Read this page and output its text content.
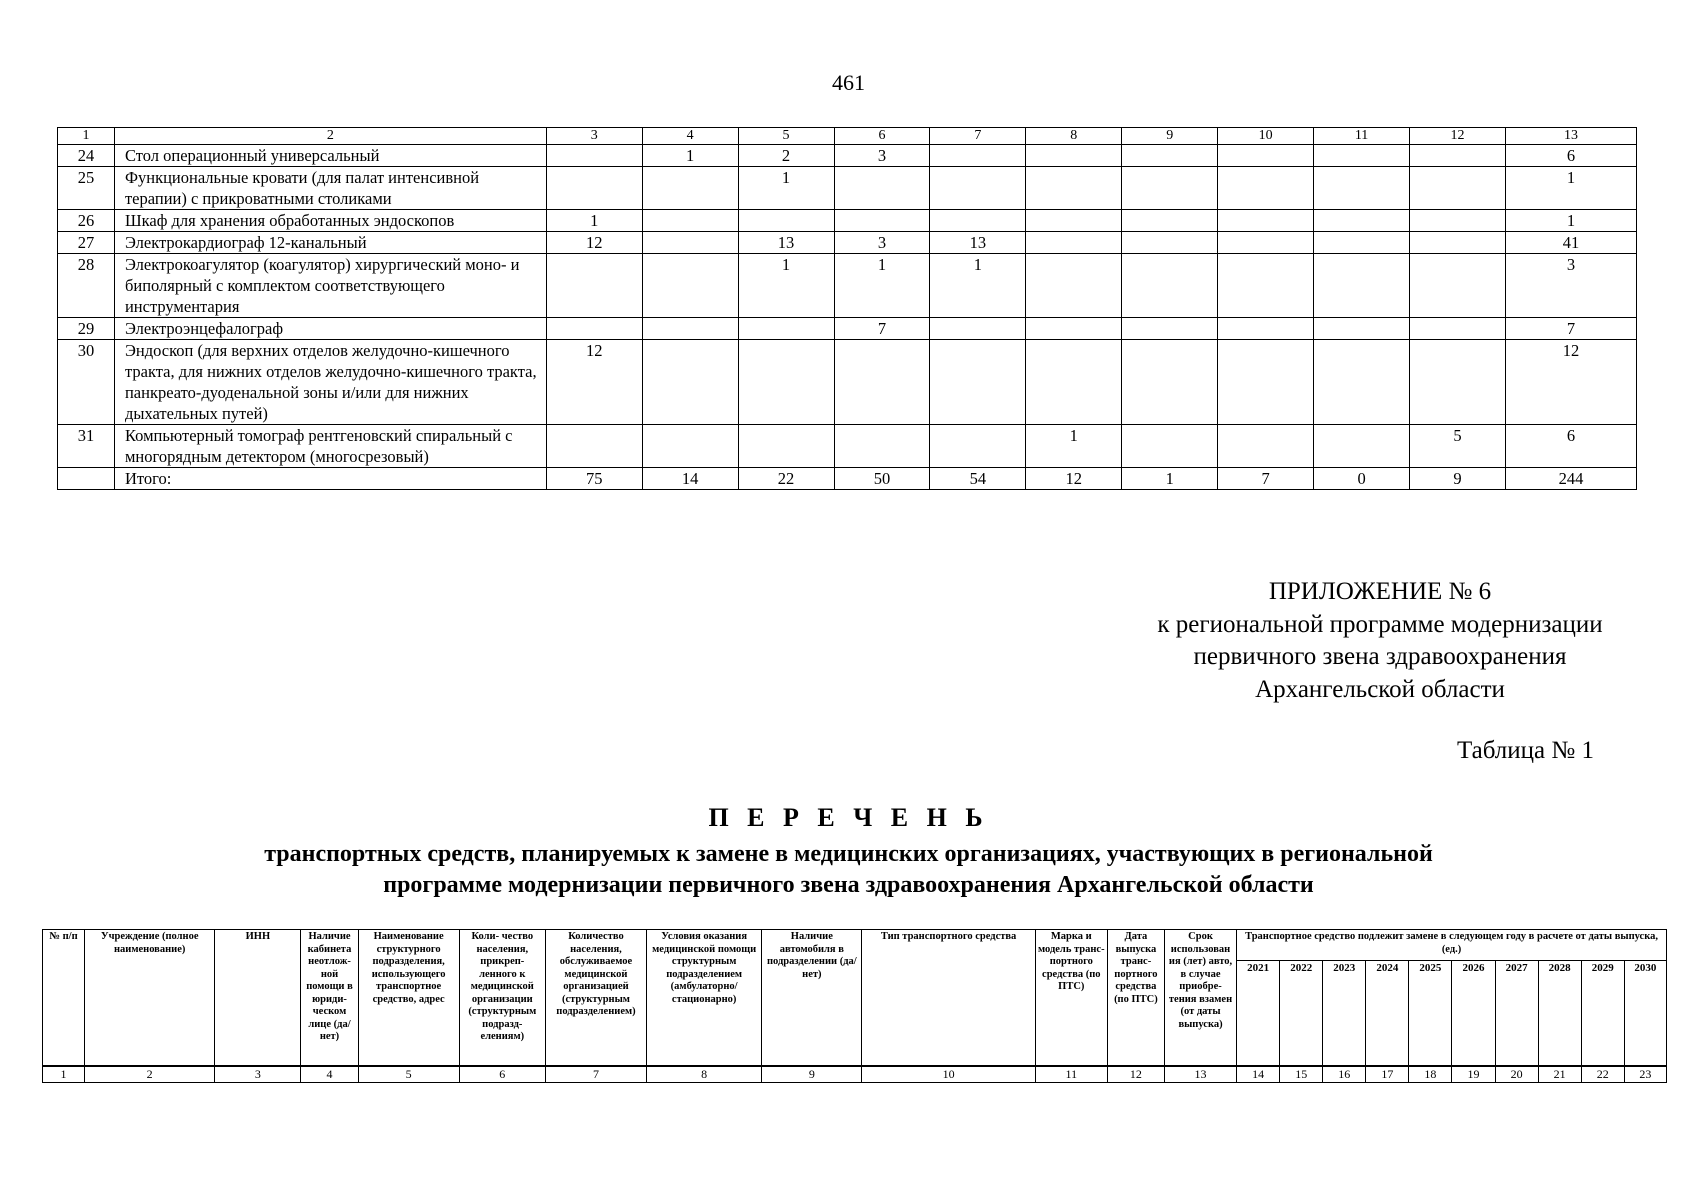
461
1	2	3	4	5	6	7	8	9	10	11	12	13
24	Стол операционный универсальный		1	2	3							6
25	Функциональные кровати (для палат интенсивной терапии) с прикроватными столиками			1								1
26	Шкаф для хранения обработанных эндоскопов	1										1
27	Электрокардиограф 12-канальный	12		13	3	13						41
28	Электрокоагулятор (коагулятор) хирургический моно- и биполярный с комплектом соответствующего инструментария			1	1	1						3
29	Электроэнцефалограф				7							7
30	Эндоскоп (для верхних отделов желудочно-кишечного тракта, для нижних отделов желудочно-кишечного тракта, панкреато-дуоденальной зоны и/или для нижних дыхательных путей)	12										12
31	Компьютерный томограф рентгеновский спиральный с многорядным детектором (многосрезовый)						1				5	6
	Итого:	75	14	22	50	54	12	1	7	0	9	244
ПРИЛОЖЕНИЕ № 6
к региональной программе модернизации
первичного звена здравоохранения
Архангельской области
Таблица № 1
П Е Р Е Ч Е Н Ь
транспортных средств, планируемых к замене в медицинских организациях, участвующих в региональной
программе модернизации первичного звена здравоохранения Архангельской области
№ п/п	Учреждение (полное наименование)	ИНН	Наличие кабинета неотлож- ной помощи в юриди- ческом лице (да/нет)	Наименование структурного подразделения, использующего транспортное средство, адрес	Коли- чество населения, прикреп- ленного к медицинской организации (структурным подразд- елениям)	Количество населения, обслуживаемое медицинской организацией (структурным подразделением)	Условия оказания медицинской помощи структурным подразделением (амбулаторно/ стационарно)	Наличие автомобиля в подразделении (да/нет)	Тип транспортного средства	Марка и модель транс- портного средства (по ПТС)	Дата выпуска транс- портного средства (по ПТС)	Срок использован ия (лет) авто, в случае приобре- тения взамен (от даты выпуска)	Транспортное средство подлежит замене в следующем году в расчете от даты выпуска, (ед.)									
													2021	2022	2023	2024	2025	2026	2027	2028	2029	2030
1	2	3	4	5	6	7	8	9	10	11	12	13	14	15	16	17	18	19	20	21	22	23
